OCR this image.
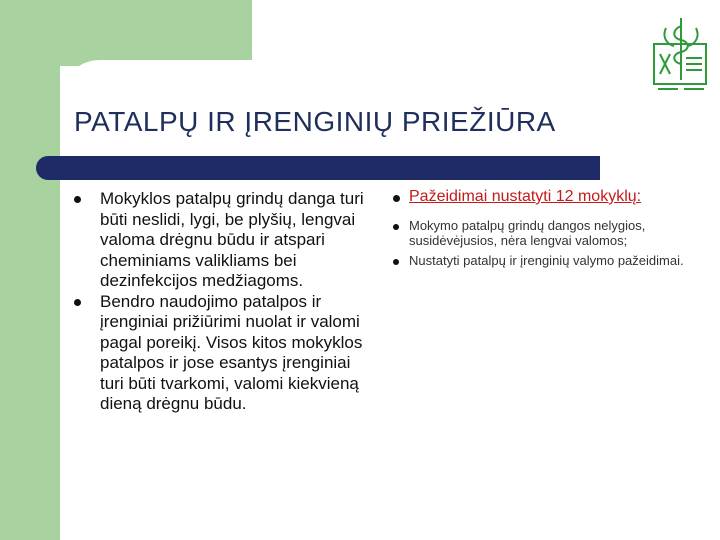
PATALPŲ IR ĮRENGINIŲ PRIEŽIŪRA
Mokyklos patalpų grindų danga turi būti neslidi, lygi, be plyšių, lengvai valoma drėgnu būdu ir atspari cheminiams valikliams bei dezinfekcijos medžiagoms.
Bendro naudojimo patalpos ir įrenginiai prižiūrimi nuolat ir valomi pagal poreikį. Visos kitos mokyklos patalpos ir jose esantys įrenginiai turi būti tvarkomi, valomi kiekvieną dieną drėgnu būdu.
Pažeidimai nustatyti 12 mokyklų:
Mokymo patalpų grindų dangos nelygios, susidėvėjusios, nėra lengvai valomos;
Nustatyti patalpų ir įrenginių valymo pažeidimai.
